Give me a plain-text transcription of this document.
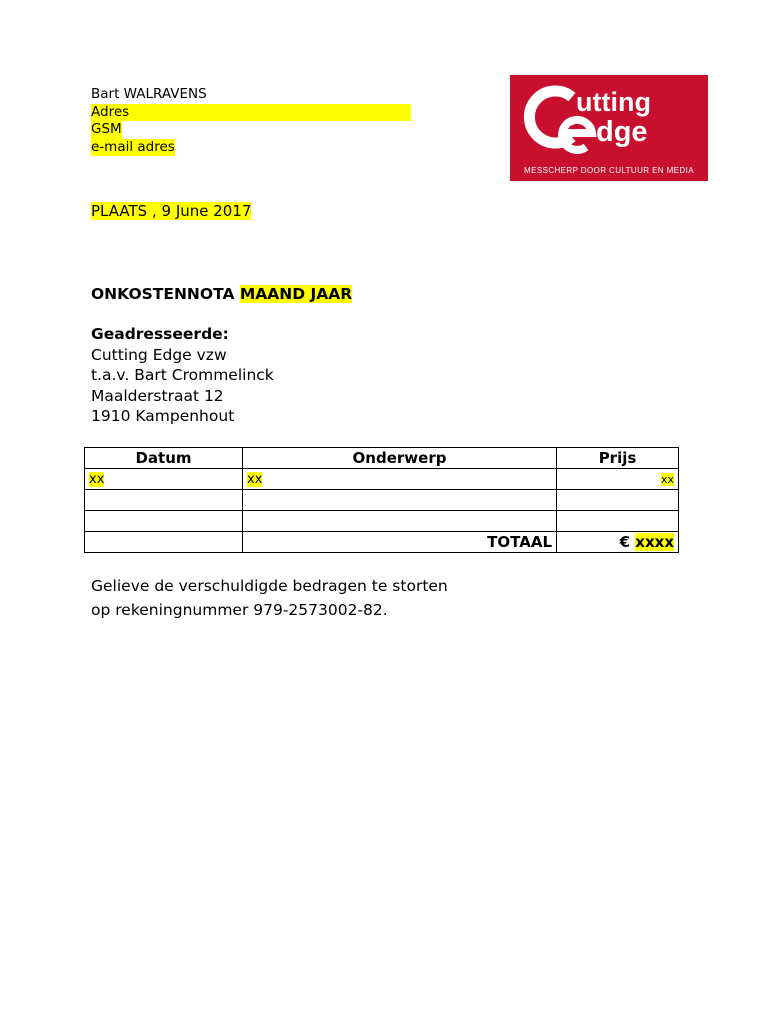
Bart WALRAVENS
Adres
GSM
e-mail adres
utting
dge
MESSCHERP DOOR CULTUUR EN MEDIA
PLAATS , 9 June 2017
ONKOSTENNOTA MAAND JAAR
Geadresseerde:
Cutting Edge vzw
t.a.v. Bart Crommelinck
Maalderstraat 12
1910 Kampenhout
Datum	Onderwerp	Prijs
xx	xx	xx

	TOTAAL	€ xxxx
Gelieve de verschuldigde bedragen te storten
op rekeningnummer 979-2573002-82.
